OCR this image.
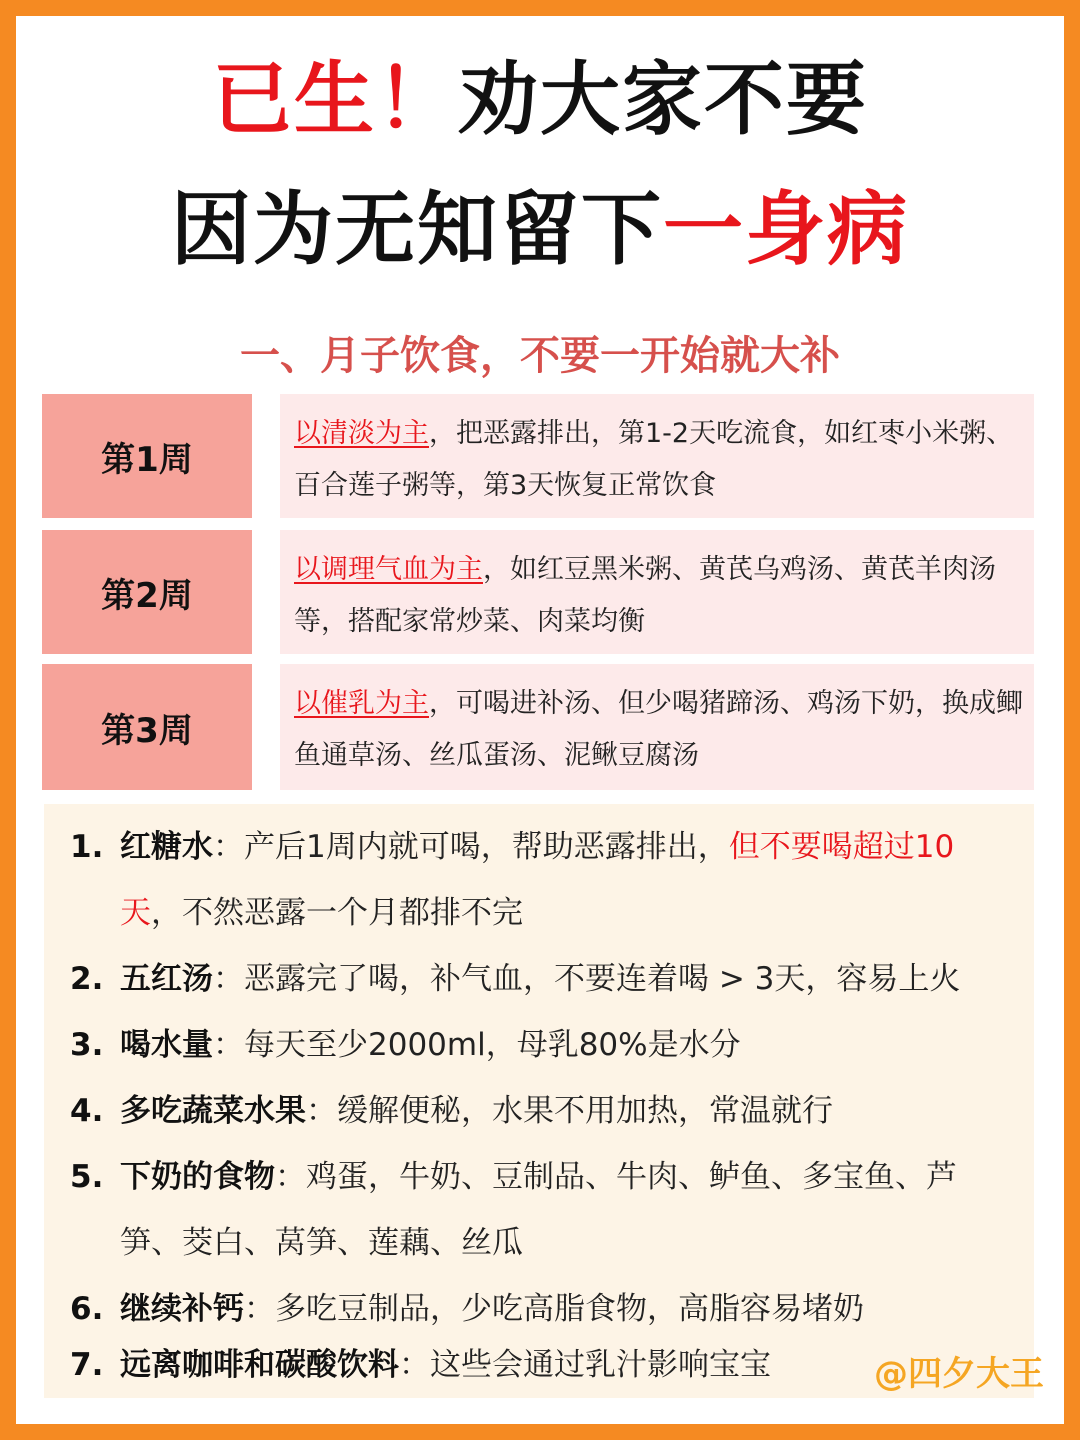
已生！劝大家不要
因为无知留下一身病
一、月子饮食，不要一开始就大补
第1周
以清淡为主，把恶露排出，第1-2天吃流食，如红枣小米粥、百合莲子粥等，第3天恢复正常饮食
第2周
以调理气血为主，如红豆黑米粥、黄芪乌鸡汤、黄芪羊肉汤等，搭配家常炒菜、肉菜均衡
第3周
以催乳为主，可喝进补汤、但少喝猪蹄汤、鸡汤下奶，换成鲫鱼通草汤、丝瓜蛋汤、泥鳅豆腐汤
1. 红糖水：产后1周内就可喝，帮助恶露排出，但不要喝超过10天，不然恶露一个月都排不完
2. 五红汤：恶露完了喝，补气血，不要连着喝 > 3天，容易上火
3. 喝水量：每天至少2000ml，母乳80%是水分
4. 多吃蔬菜水果：缓解便秘，水果不用加热，常温就行
5. 下奶的食物：鸡蛋，牛奶、豆制品、牛肉、鲈鱼、多宝鱼、芦笋、茭白、莴笋、莲藕、丝瓜
6. 继续补钙：多吃豆制品，少吃高脂食物，高脂容易堵奶
7. 远离咖啡和碳酸饮料：这些会通过乳汁影响宝宝	@四夕大王
